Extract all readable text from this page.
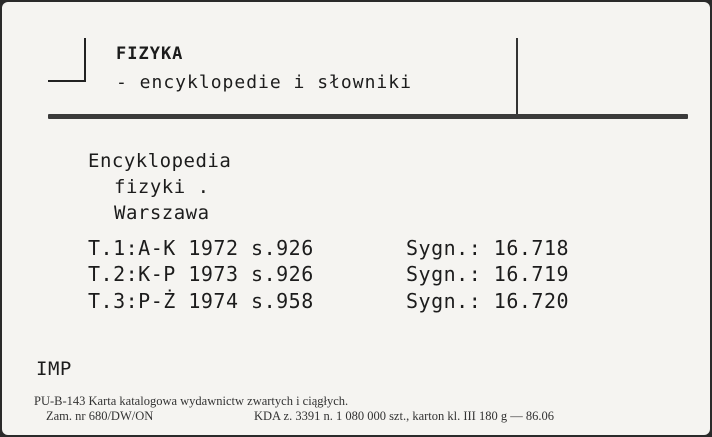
FIZYKA
- encyklopedie i słowniki
Encyklopedia
fizyki .
Warszawa
T.1:A-K 1972 s.926	Sygn.: 16.718
T.2:K-P 1973 s.926	Sygn.: 16.719
T.3:P-Ż 1974 s.958	Sygn.: 16.720
IMP
PU-B-143 Karta katalogowa wydawnictw zwartych i ciągłych.
Zam. nr 680/DW/ON	KDA z. 3391 n. 1 080 000 szt., karton kl. III 180 g — 86.06
